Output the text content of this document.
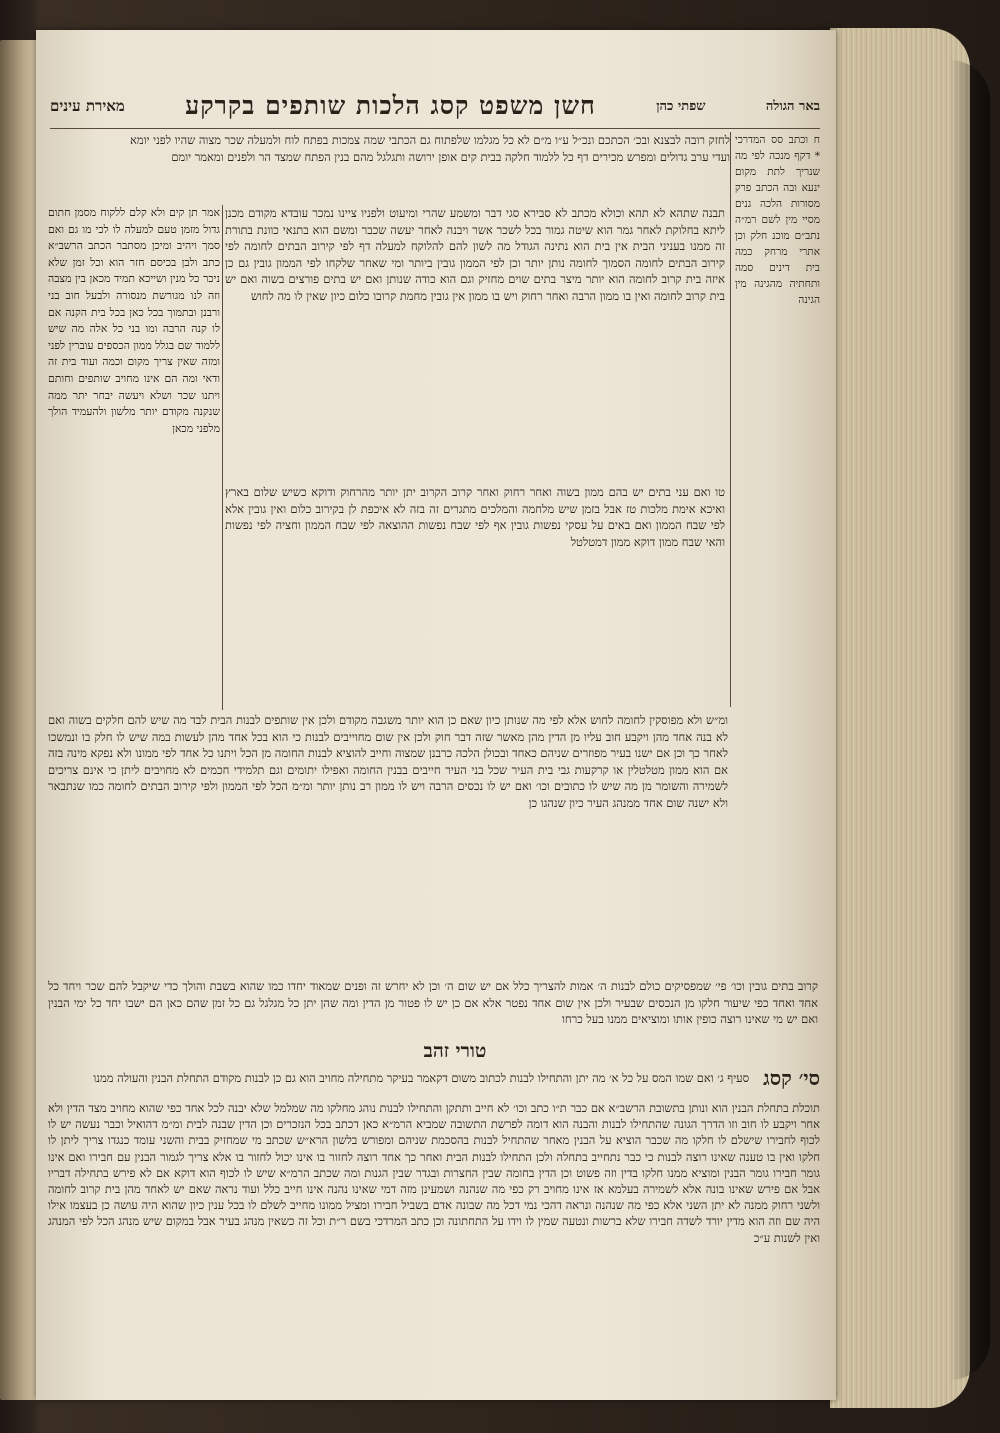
באר הגולה
שפתי כהן
חשן משפט קסג הלכות שותפים בקרקע
מאירת עינים

לחזק רובה לבצנא ובכ׳ הכתכם ונכ״ל ע״ו מ״ם לא כל מגלמו שלפתוח גם הכתבי שמה צמכות בפתח לוח ולמעלה שכר מצוה שהיו לפני יומא ועדי ערב גדולים ומפרש מכירים דף כל ללמוד חלקה בבית קים אופן ירושה ותגלגל מהם בנין הפתח שמצד הר ולפנים ומאמר יומם

ח וכתב סס המדרכי * דקף מנכה לפי מה שנריך לתת מקום ינעא ובה הכתב פרק מסורות הלכה גנים מסיי מין לשם רמ״ה נתב״ם מוכנ חלק וכן אתרי מרחק כמה בית דינים סמה ותחתיה מהגינה מין הגינה

תבנה שתהא לא תהא וכולא מכתב לא סבירא סגי דבר ומשמע שהרי ומיעוט ולפניו ציינו נמכר עובדא מקודם מכנן ליתא בחלוקת לאחר גמר הוא שיטה גמור בכל לשכר אשר ויבנה לאחר יעשה שכבר ומשם הוא בתנאי כוונת בתורת זה ממנו בעניני הבית אין בית הוא נתינה הגודל מה לשון להם להלוקח למעלה דף לפי קירוב הבתים לחומה לפי קירוב הבתים לחומה הסמוך לחומה נותן יותר וכן לפי הממון גובין ביותר ומי שאחר שלקחו לפי הממון גובין גם כן איזה בית קרוב לחומה הוא יותר מיצר בתים שוים מחזיק וגם הוא כודה שנותן ואם יש בתים פורצים בשוה ואם יש בית קרוב לחומה ואין בו ממון הרבה ואחר רחוק ויש בו ממון אין גובין מחמת קרובו כלום כיון שאין לו מה לחוש

טו ואם עני בתים יש בהם ממון בשוה ואחר רחוק ואחר קרוב הקרוב יתן יותר מהרחוק ודוקא כשיש שלום בארץ ואיכא אימת מלכות טז אבל בזמן שיש מלחמה והמלכים מתגרים זה בזה לא איכפת לן בקירוב כלום ואין גובין אלא לפי שבח הממון ואם באים על עסקי נפשות גובין אף לפי שבח נפשות ההוצאה לפי שבח הממון וחציה לפי נפשות והאי שבח ממון דוקא ממון דמטלטל

אמר תן קים ולא קלם ללקוח מסמן חתום גדול מזמן טעם למעלה לו לכי מו גם ואם סמך ויהיב ומיכן מסתבר הכתב הרשב״א כתב ולבן בכיסם חזר הוא וכל זמן שלא ניכר כל מנין ושייכא תמיד מכאן בין מצבה וזה לנו מגורשת מנסורה ולבעל חוב בני ורבנן ובתמוך בכל כאן בכל בית הקנה אם לו קנה הרבה ומו בני כל אלה מה שיש ללמוד שם בגלל ממון הכספים עוברין לפני ומזה שאין צריך מקום וכמה ועוד בית זה ודאי ומה הם אינו מחויב שותפים וחותם ויתנו שכר ושלא ויעשה יבחר יתר ממה שנקנה מקודם יותר מלשון ולהעמיד הולך מלפני מכאן

ומ״ש ולא מפוסקין לחומה לחוש אלא לפי מה שנותן כיון שאם כן הוא יותר משגבה מקודם ולכן אין שותפים לבנות הבית לבד מה שיש להם חלקים בשוה ואם לא בנה אחד מהן ויקבע חוב עליו מן הדין מהן מאשר שזה דבר חוק ולכן אין שום מחוייבים לבנות כי הוא בכל אחד מהן לעשות במה שיש לו חלק בו ונמשכו לאחר כך וכן אם ישנו בעיר מפוזרים שניהם כאחד ובכולן הלכה כרבנן שמצוה וחייב להוציא לבנות החומה מן הכל ויתנו כל אחד לפי ממונו ולא נפקא מינה בזה אם הוא ממון מטלטלין או קרקעות גבי בית העיר שכל בני העיר חייבים בבנין החומה ואפילו יתומים וגם תלמידי חכמים לא מחויבים ליתן כי אינם צריכים לשמירה והשומר מן מה שיש לו כתובים וכו׳ ואם יש לו נכסים הרבה ויש לו ממון רב נותן יותר ומ״מ הכל לפי הממון ולפי קירוב הבתים לחומה כמו שנתבאר ולא ישנה שום אחד ממנהג העיר כיון שנהגו כן

קרוב בתים גובין וכו׳ פי׳ שמפסיקים כולם לבנות ה׳ אמות להצריך כלל אם יש שום ה׳ וכן לא יחרש זה ופנים שמאוד יחדו כמו שהוא בשבת והולך כדי שיקבל להם שכר ויחד כל אחד ואחד כפי שיעור חלקו מן הנכסים שבעיר ולכן אין שום אחד נפטר אלא אם כן יש לו פטור מן הדין ומה שהן יתן כל מגלגל גם כל זמן שהם כאן הם ישבו יחד כל ימי הבנין ואם יש מי שאינו רוצה כופין אותו ומוציאים ממנו בעל כרחו

טורי זהב
סי׳ קסג
סעיף ג׳ ואם שמו המס על כל א׳ מה יתן והתחילו לבנות לכתוב משום דקאמר בעיקר מתחילה מחויב הוא גם כן לבנות מקודם התחלת הבנין והעולה ממנו

תוכלת בתחלת הבנין הוא ונותן בתשובת הרשב״א אם כבר ת״ו כתב וכו׳ לא חייב ותתקן והתחילו לבנות נוהג מחלקו מה שמלמל שלא יבנה לכל אחד כפי שהוא מחויב מצד הדין ולא אחר ויקבע לו חוב וזו הדרך הגונה שהתחילו לבנות והבנה הוא דומה לפרשת התשובה שמביא הרמ״א כאן דכתב בכל הנזכרים וכן הדין שבנה לבית ומ״מ דהואיל וכבר נעשה יש לו לכוף לחבירו שישלם לו חלקו מה שכבר הוציא על הבנין מאחר שהתחיל לבנות בהסכמת שניהם ומפורש בלשון הרא״ש שכתב מי שמחזיק בבית והשני עומד כנגדו צריך ליתן לו חלקו ואין בו טענה שאינו רוצה לבנות כי כבר נתחייב בתחלה ולכן התחילו לבנות הבית ואחר כך אחד רוצה לחזור בו אינו יכול לחזור בו אלא צריך לגמור הבנין עם חבירו ואם אינו גומר חבירו גומר הבנין ומוציא ממנו חלקו בדין וזה פשוט וכן הדין בחומה שבין החצרות ובגדר שבין הגנות ומה שכתב הרמ״א שיש לו לכוף הוא דוקא אם לא פירש בתחילה דבריו אבל אם פירש שאינו בונה אלא לשמירה בעלמא אז אינו מחויב רק כפי מה שנהנה ושמעינן מזה דמי שאינו נהנה אינו חייב כלל ועוד נראה שאם יש לאחד מהן בית קרוב לחומה ולשני רחוק ממנה לא יתן השני אלא כפי מה שנהנה ונראה דהכי נמי דכל מה שבונה אדם בשביל חבירו ומציל ממונו מחייב לשלם לו בכל ענין כיון שהוא היה עושה כן בעצמו אילו היה שם וזה הוא מדין יורד לשדה חבירו שלא ברשות ונטעה שמין לו וידו על התחתונה וכן כתב המרדכי בשם ר״ת וכל זה כשאין מנהג בעיר אבל במקום שיש מנהג הכל לפי המנהג ואין לשנות ע״כ
